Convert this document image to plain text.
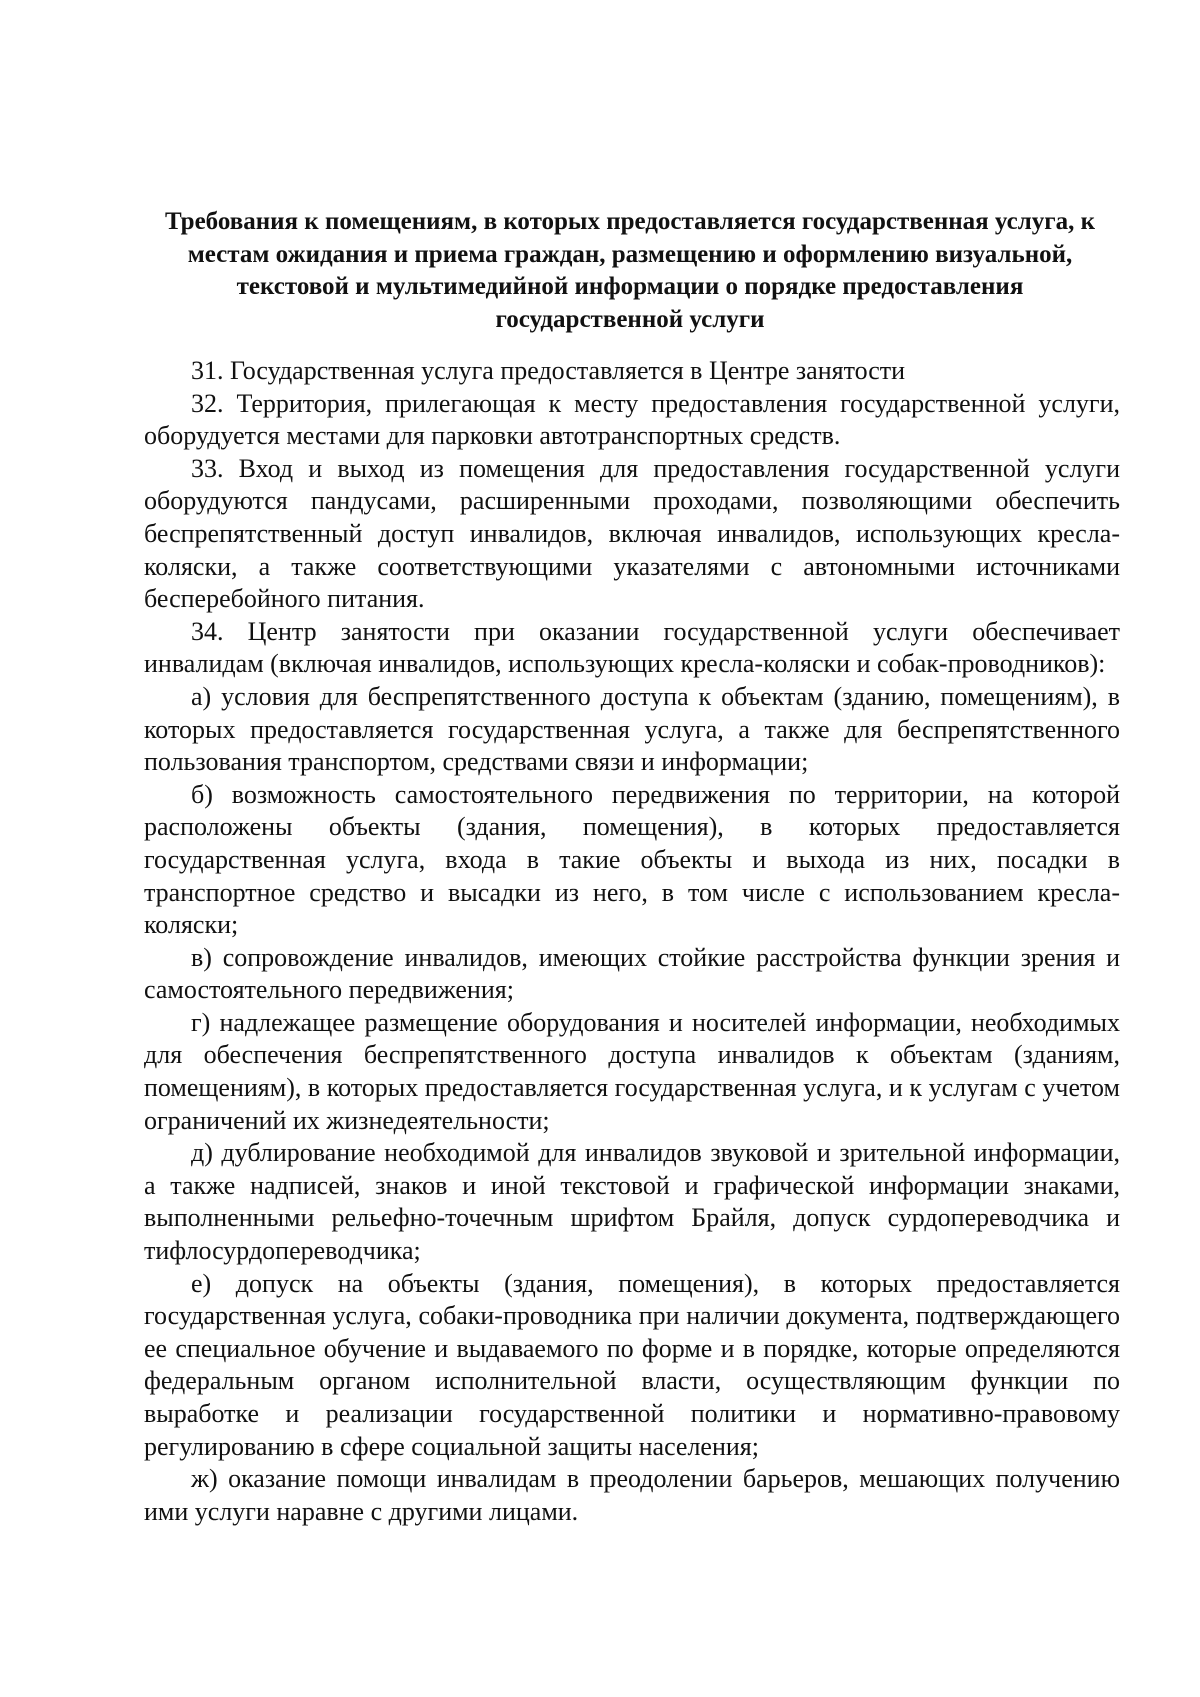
Требования к помещениям, в которых предоставляется государственная услуга, к местам ожидания и приема граждан, размещению и оформлению визуальной, текстовой и мультимедийной информации о порядке предоставления государственной услуги

31. Государственная услуга предоставляется в Центре занятости

32. Территория, прилегающая к месту предоставления государственной услуги, оборудуется местами для парковки автотранспортных средств.

33. Вход и выход из помещения для предоставления государственной услуги оборудуются пандусами, расширенными проходами, позволяющими обеспечить беспрепятственный доступ инвалидов, включая инвалидов, использующих кресла-коляски, а также соответствующими указателями с автономными источниками бесперебойного питания.

34. Центр занятости при оказании государственной услуги обеспечивает инвалидам (включая инвалидов, использующих кресла-коляски и собак-проводников):

а) условия для беспрепятственного доступа к объектам (зданию, помещениям), в которых предоставляется государственная услуга, а также для беспрепятственного пользования транспортом, средствами связи и информации;

б) возможность самостоятельного передвижения по территории, на которой расположены объекты (здания, помещения), в которых предоставляется государственная услуга, входа в такие объекты и выхода из них, посадки в транспортное средство и высадки из него, в том числе с использованием кресла-коляски;

в) сопровождение инвалидов, имеющих стойкие расстройства функции зрения и самостоятельного передвижения;

г) надлежащее размещение оборудования и носителей информации, необходимых для обеспечения беспрепятственного доступа инвалидов к объектам (зданиям, помещениям), в которых предоставляется государственная услуга, и к услугам с учетом ограничений их жизнедеятельности;

д) дублирование необходимой для инвалидов звуковой и зрительной информации, а также надписей, знаков и иной текстовой и графической информации знаками, выполненными рельефно-точечным шрифтом Брайля, допуск сурдопереводчика и тифлосурдопереводчика;

е) допуск на объекты (здания, помещения), в которых предоставляется государственная услуга, собаки-проводника при наличии документа, подтверждающего ее специальное обучение и выдаваемого по форме и в порядке, которые определяются федеральным органом исполнительной власти, осуществляющим функции по выработке и реализации государственной политики и нормативно-правовому регулированию в сфере социальной защиты населения;

ж) оказание помощи инвалидам в преодолении барьеров, мешающих получению ими услуги наравне с другими лицами.
